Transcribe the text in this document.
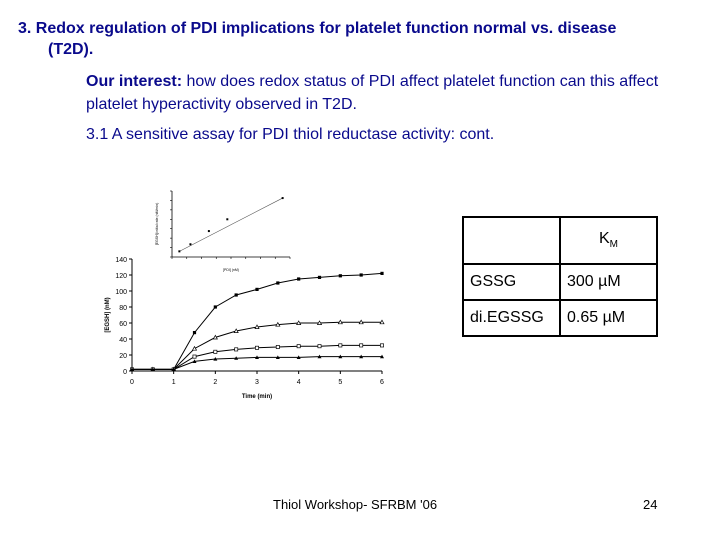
3. Redox regulation of PDI implications for platelet function normal vs. disease
(T2D).
Our interest: how does redox status of PDI affect platelet function can this affect platelet hyperactivity observed in T2D.
3.1 A sensitive assay for PDI thiol reductase activity: cont.
[PDI] (nM)
[EGSH] initial rate (nM/min)
0
20
40
60
80
100
120
140
0	1	2	3	4	5	6
Time (min)
[EGSH] (nM)
	$K_M$
GSSG	300 µM
di.EGSSG	0.65 µM
Thiol Workshop- SFRBM '06	24
